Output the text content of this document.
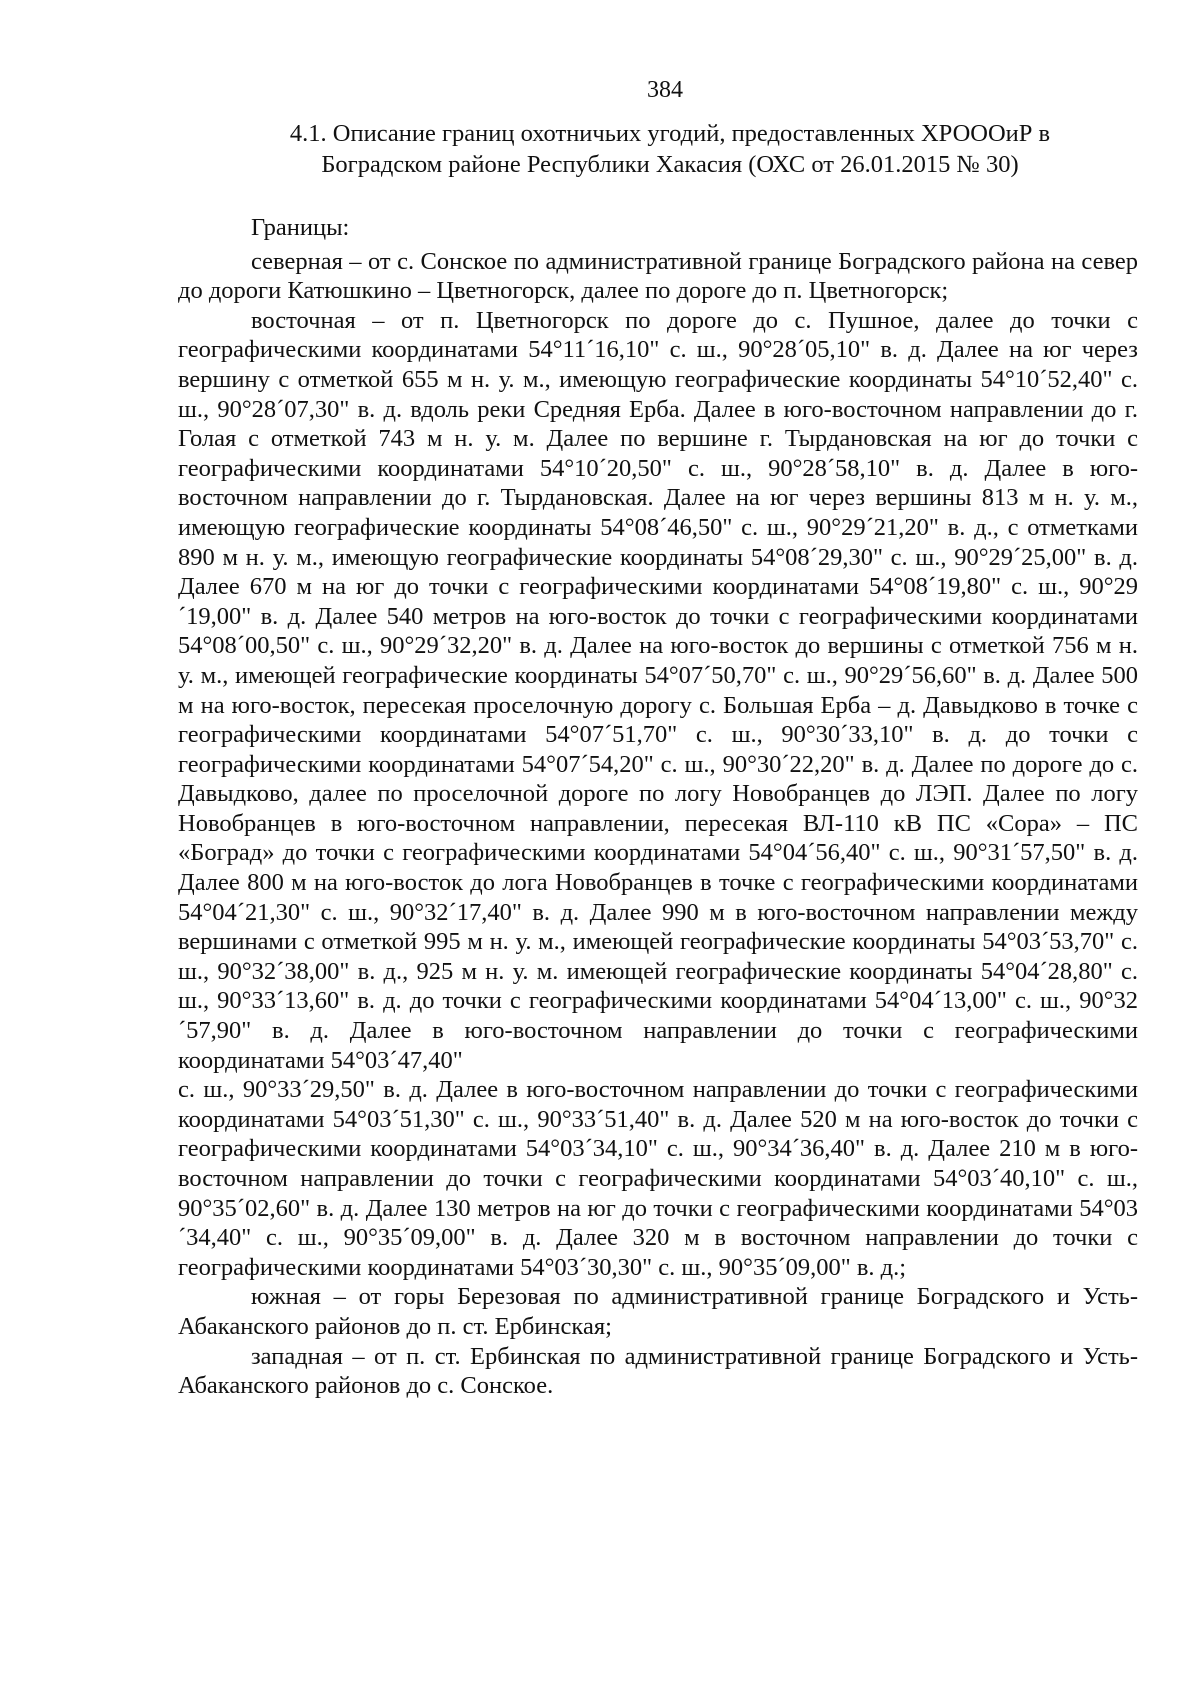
384
4.1. Описание границ охотничьих угодий, предоставленных ХРОООиР в
Боградском районе Республики Хакасия (ОХС от 26.01.2015 № 30)

Границы:

северная – от с. Сонское по административной границе Боградского района на север до дороги Катюшкино – Цветногорск, далее по дороге до п. Цветногорск;

восточная – от п. Цветногорск по дороге до с. Пушное, далее до точки с географическими координатами 54°11´16,10" с. ш., 90°28´05,10" в. д. Далее на юг через вершину с отметкой 655 м н. у. м., имеющую географические координаты 54°10´52,40" с. ш., 90°28´07,30" в. д. вдоль реки Средняя Ерба. Далее в юго-восточном направлении до г. Голая с отметкой 743 м н. у. м. Далее по вершине г. Тырдановская на юг до точки с географическими координатами 54°10´20,50" с. ш., 90°28´58,10" в. д. Далее в юго-восточном направлении до г. Тырдановская. Далее на юг через вершины 813 м н. у. м., имеющую географические координаты 54°08´46,50" с. ш., 90°29´21,20" в. д., с отметками 890 м н. у. м., имеющую географические координаты 54°08´29,30" с. ш., 90°29´25,00" в. д. Далее 670 м на юг до точки с географическими координатами 54°08´19,80" с. ш., 90°29´19,00" в. д. Далее 540 метров на юго-восток до точки с географическими координатами 54°08´00,50" с. ш., 90°29´32,20" в. д. Далее на юго-восток до вершины с отметкой 756 м н. у. м., имеющей географические координаты 54°07´50,70" с. ш., 90°29´56,60" в. д. Далее 500 м на юго-восток, пересекая проселочную дорогу с. Большая Ерба – д. Давыдково в точке с географическими координатами 54°07´51,70" с. ш., 90°30´33,10" в. д. до точки с географическими координатами 54°07´54,20" с. ш., 90°30´22,20" в. д. Далее по дороге до с. Давыдково, далее по проселочной дороге по логу Новобранцев до ЛЭП. Далее по логу Новобранцев в юго-восточном направлении, пересекая ВЛ-110 кВ ПС «Сора» – ПС «Боград» до точки с географическими координатами 54°04´56,40" с. ш., 90°31´57,50" в. д. Далее 800 м на юго-восток до лога Новобранцев в точке с географическими координатами 54°04´21,30" с. ш., 90°32´17,40" в. д. Далее 990 м в юго-восточном направлении между вершинами с отметкой 995 м н. у. м., имеющей географические координаты 54°03´53,70" с. ш., 90°32´38,00" в. д., 925 м н. у. м. имеющей географические координаты 54°04´28,80" с. ш., 90°33´13,60" в. д. до точки с географическими координатами 54°04´13,00" с. ш., 90°32´57,90" в. д. Далее в юго-восточном направлении до точки с географическими координатами 54°03´47,40"

с. ш., 90°33´29,50" в. д. Далее в юго-восточном направлении до точки с географическими координатами 54°03´51,30" с. ш., 90°33´51,40" в. д. Далее 520 м на юго-восток до точки с географическими координатами 54°03´34,10" с. ш., 90°34´36,40" в. д. Далее 210 м в юго-восточном направлении до точки с географическими координатами 54°03´40,10" с. ш., 90°35´02,60" в. д. Далее 130 метров на юг до точки с географическими координатами 54°03´34,40" с. ш., 90°35´09,00" в. д. Далее 320 м в восточном направлении до точки с географическими координатами 54°03´30,30" с. ш., 90°35´09,00" в. д.;

южная – от горы Березовая по административной границе Боградского и Усть-Абаканского районов до п. ст. Ербинская;

западная – от п. ст. Ербинская по административной границе Боградского и Усть-Абаканского районов до с. Сонское.
